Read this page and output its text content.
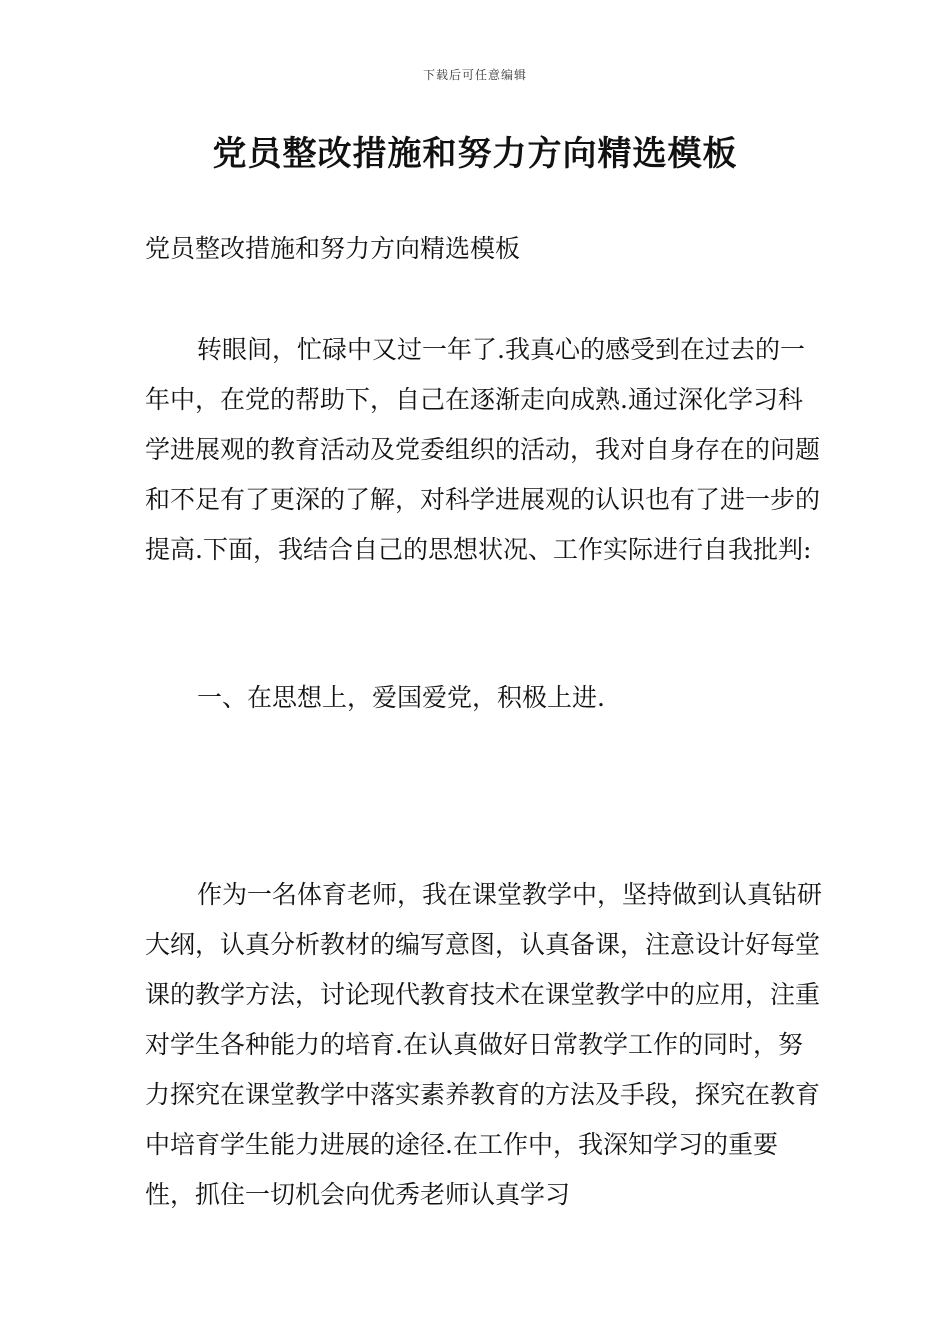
下载后可任意编辑
党员整改措施和努力方向精选模板

党员整改措施和努力方向精选模板

转眼间，忙碌中又过一年了.我真心的感受到在过去的一年中，在党的帮助下，自己在逐渐走向成熟.通过深化学习科学进展观的教育活动及党委组织的活动，我对自身存在的问题和不足有了更深的了解，对科学进展观的认识也有了进一步的提高.下面，我结合自己的思想状况、工作实际进行自我批判:

一、在思想上，爱国爱党，积极上进.

作为一名体育老师，我在课堂教学中，坚持做到认真钻研大纲，认真分析教材的编写意图，认真备课，注意设计好每堂课的教学方法，讨论现代教育技术在课堂教学中的应用，注重对学生各种能力的培育.在认真做好日常教学工作的同时，努力探究在课堂教学中落实素养教育的方法及手段，探究在教育中培育学生能力进展的途径.在工作中，我深知学习的重要性，抓住一切机会向优秀老师认真学习
